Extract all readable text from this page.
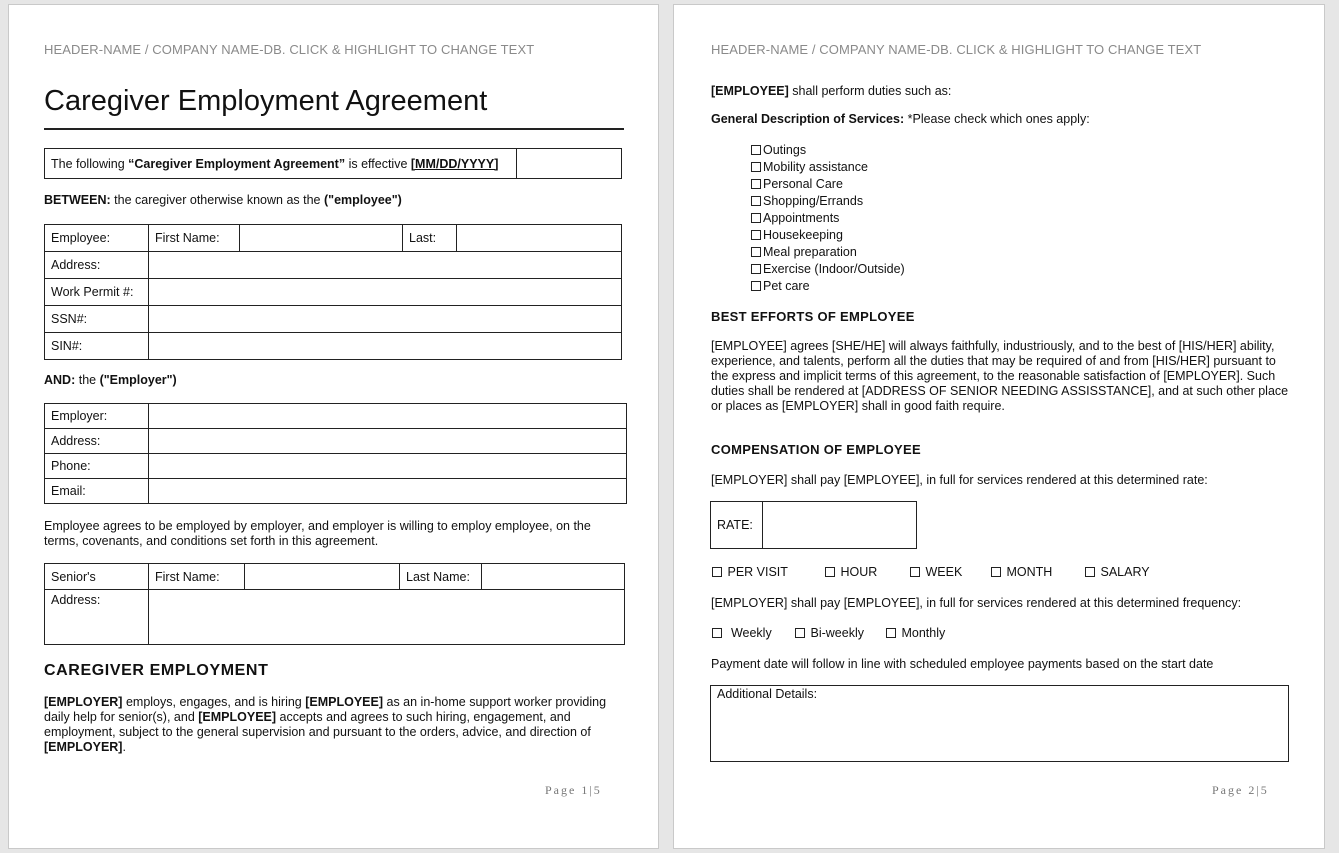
HEADER-NAME / COMPANY NAME-DB. CLICK & HIGHLIGHT TO CHANGE TEXT
Caregiver Employment Agreement
The following “Caregiver Employment Agreement” is effective [MM/DD/YYYY]	
BETWEEN: the caregiver otherwise known as the ("employee")
Employee:	First Name:		Last:	
Address:				
Work Permit #:				
SSN#:				
SIN#:				
AND: the ("Employer")
Employer:	
Address:	
Phone:	
Email:	
Employee agrees to be employed by employer, and employer is willing to employ employee, on the terms, covenants, and conditions set forth in this agreement.
Senior's	First Name:		Last Name:	
Address:				
CAREGIVER EMPLOYMENT
[EMPLOYER] employs, engages, and is hiring [EMPLOYEE] as an in-home support worker providing daily help for senior(s), and [EMPLOYEE] accepts and agrees to such hiring, engagement, and employment, subject to the general supervision and pursuant to the orders, advice, and direction of [EMPLOYER].
Page 1|5
HEADER-NAME / COMPANY NAME-DB. CLICK & HIGHLIGHT TO CHANGE TEXT
[EMPLOYEE] shall perform duties such as:
General Description of Services: *Please check which ones apply:
Outings
Mobility assistance
Personal Care
Shopping/Errands
Appointments
Housekeeping
Meal preparation
Exercise (Indoor/Outside)
Pet care
BEST EFFORTS OF EMPLOYEE
[EMPLOYEE] agrees [SHE/HE] will always faithfully, industriously, and to the best of [HIS/HER] ability, experience, and talents, perform all the duties that may be required of and from [HIS/HER] pursuant to the express and implicit terms of this agreement, to the reasonable satisfaction of [EMPLOYER]. Such duties shall be rendered at [ADDRESS OF SENIOR NEEDING ASSISSTANCE], and at such other place or places as [EMPLOYER] shall in good faith require.
COMPENSATION OF EMPLOYEE
[EMPLOYER] shall pay [EMPLOYEE], in full for services rendered at this determined rate:
RATE:	
PER VISIT	HOUR	WEEK	MONTH	SALARY
[EMPLOYER] shall pay [EMPLOYEE], in full for services rendered at this determined frequency:
Weekly	Bi-weekly	Monthly
Payment date will follow in line with scheduled employee payments based on the start date
Additional Details:
Page 2|5
